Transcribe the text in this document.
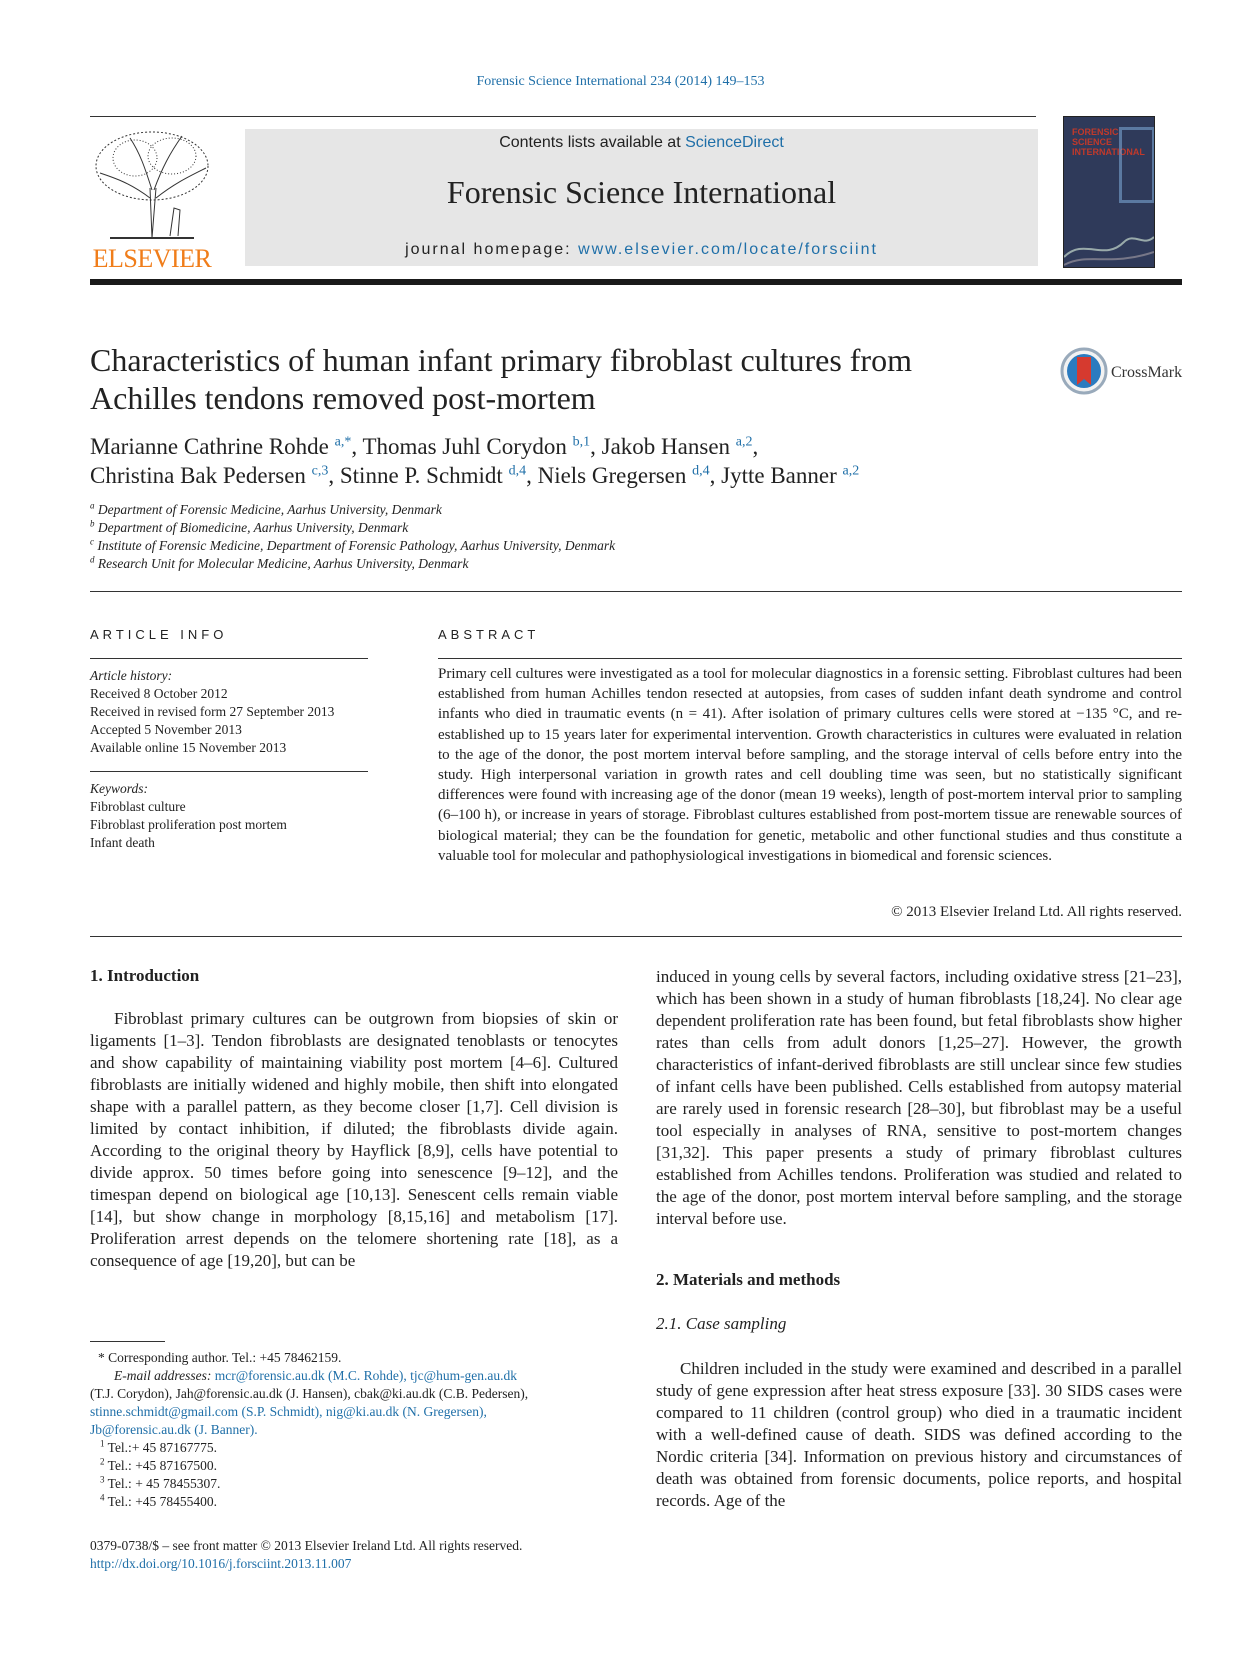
Forensic Science International 234 (2014) 149–153
ELSEVIER
Contents lists available at ScienceDirect
Forensic Science International
journal homepage: www.elsevier.com/locate/forsciint
FORENSIC SCIENCE INTERNATIONAL
Characteristics of human infant primary fibroblast cultures from
Achilles tendons removed post-mortem
CrossMark
Marianne Cathrine Rohde $^{a,*}$, Thomas Juhl Corydon $^{b,1}$, Jakob Hansen $^{a,2}$,
Christina Bak Pedersen $^{c,3}$, Stinne P. Schmidt $^{d,4}$, Niels Gregersen $^{d,4}$, Jytte Banner $^{a,2}$
$^a$ Department of Forensic Medicine, Aarhus University, Denmark
$^b$ Department of Biomedicine, Aarhus University, Denmark
$^c$ Institute of Forensic Medicine, Department of Forensic Pathology, Aarhus University, Denmark
$^d$ Research Unit for Molecular Medicine, Aarhus University, Denmark
ARTICLE INFO
Article history:
Received 8 October 2012
Received in revised form 27 September 2013
Accepted 5 November 2013
Available online 15 November 2013
Keywords:
Fibroblast culture
Fibroblast proliferation post mortem
Infant death
ABSTRACT
Primary cell cultures were investigated as a tool for molecular diagnostics in a forensic setting. Fibroblast cultures had been established from human Achilles tendon resected at autopsies, from cases of sudden infant death syndrome and control infants who died in traumatic events (n = 41). After isolation of primary cultures cells were stored at −135 °C, and re-established up to 15 years later for experimental intervention. Growth characteristics in cultures were evaluated in relation to the age of the donor, the post mortem interval before sampling, and the storage interval of cells before entry into the study. High interpersonal variation in growth rates and cell doubling time was seen, but no statistically significant differences were found with increasing age of the donor (mean 19 weeks), length of post-mortem interval prior to sampling (6–100 h), or increase in years of storage. Fibroblast cultures established from post-mortem tissue are renewable sources of biological material; they can be the foundation for genetic, metabolic and other functional studies and thus constitute a valuable tool for molecular and pathophysiological investigations in biomedical and forensic sciences.
© 2013 Elsevier Ireland Ltd. All rights reserved.
1. Introduction
Fibroblast primary cultures can be outgrown from biopsies of skin or ligaments [1–3]. Tendon fibroblasts are designated tenoblasts or tenocytes and show capability of maintaining viability post mortem [4–6]. Cultured fibroblasts are initially widened and highly mobile, then shift into elongated shape with a parallel pattern, as they become closer [1,7]. Cell division is limited by contact inhibition, if diluted; the fibroblasts divide again. According to the original theory by Hayflick [8,9], cells have potential to divide approx. 50 times before going into senescence [9–12], and the timespan depend on biological age [10,13]. Senescent cells remain viable [14], but show change in morphology [8,15,16] and metabolism [17]. Proliferation arrest depends on the telomere shortening rate [18], as a consequence of age [19,20], but can be
* Corresponding author. Tel.: +45 78462159.
E-mail addresses: mcr@forensic.au.dk (M.C. Rohde), tjc@hum-gen.au.dk
(T.J. Corydon), Jah@forensic.au.dk (J. Hansen), cbak@ki.au.dk (C.B. Pedersen),
stinne.schmidt@gmail.com (S.P. Schmidt), nig@ki.au.dk (N. Gregersen),
Jb@forensic.au.dk (J. Banner).
$^1$ Tel.:+ 45 87167775.
$^2$ Tel.: +45 87167500.
$^3$ Tel.: + 45 78455307.
$^4$ Tel.: +45 78455400.
0379-0738/$ – see front matter © 2013 Elsevier Ireland Ltd. All rights reserved.
http://dx.doi.org/10.1016/j.forsciint.2013.11.007
induced in young cells by several factors, including oxidative stress [21–23], which has been shown in a study of human fibroblasts [18,24]. No clear age dependent proliferation rate has been found, but fetal fibroblasts show higher rates than cells from adult donors [1,25–27]. However, the growth characteristics of infant-derived fibroblasts are still unclear since few studies of infant cells have been published. Cells established from autopsy material are rarely used in forensic research [28–30], but fibroblast may be a useful tool especially in analyses of RNA, sensitive to post-mortem changes [31,32]. This paper presents a study of primary fibroblast cultures established from Achilles tendons. Proliferation was studied and related to the age of the donor, post mortem interval before sampling, and the storage interval before use.
2. Materials and methods
2.1. Case sampling
Children included in the study were examined and described in a parallel study of gene expression after heat stress exposure [33]. 30 SIDS cases were compared to 11 children (control group) who died in a traumatic incident with a well-defined cause of death. SIDS was defined according to the Nordic criteria [34]. Information on previous history and circumstances of death was obtained from forensic documents, police reports, and hospital records. Age of the
